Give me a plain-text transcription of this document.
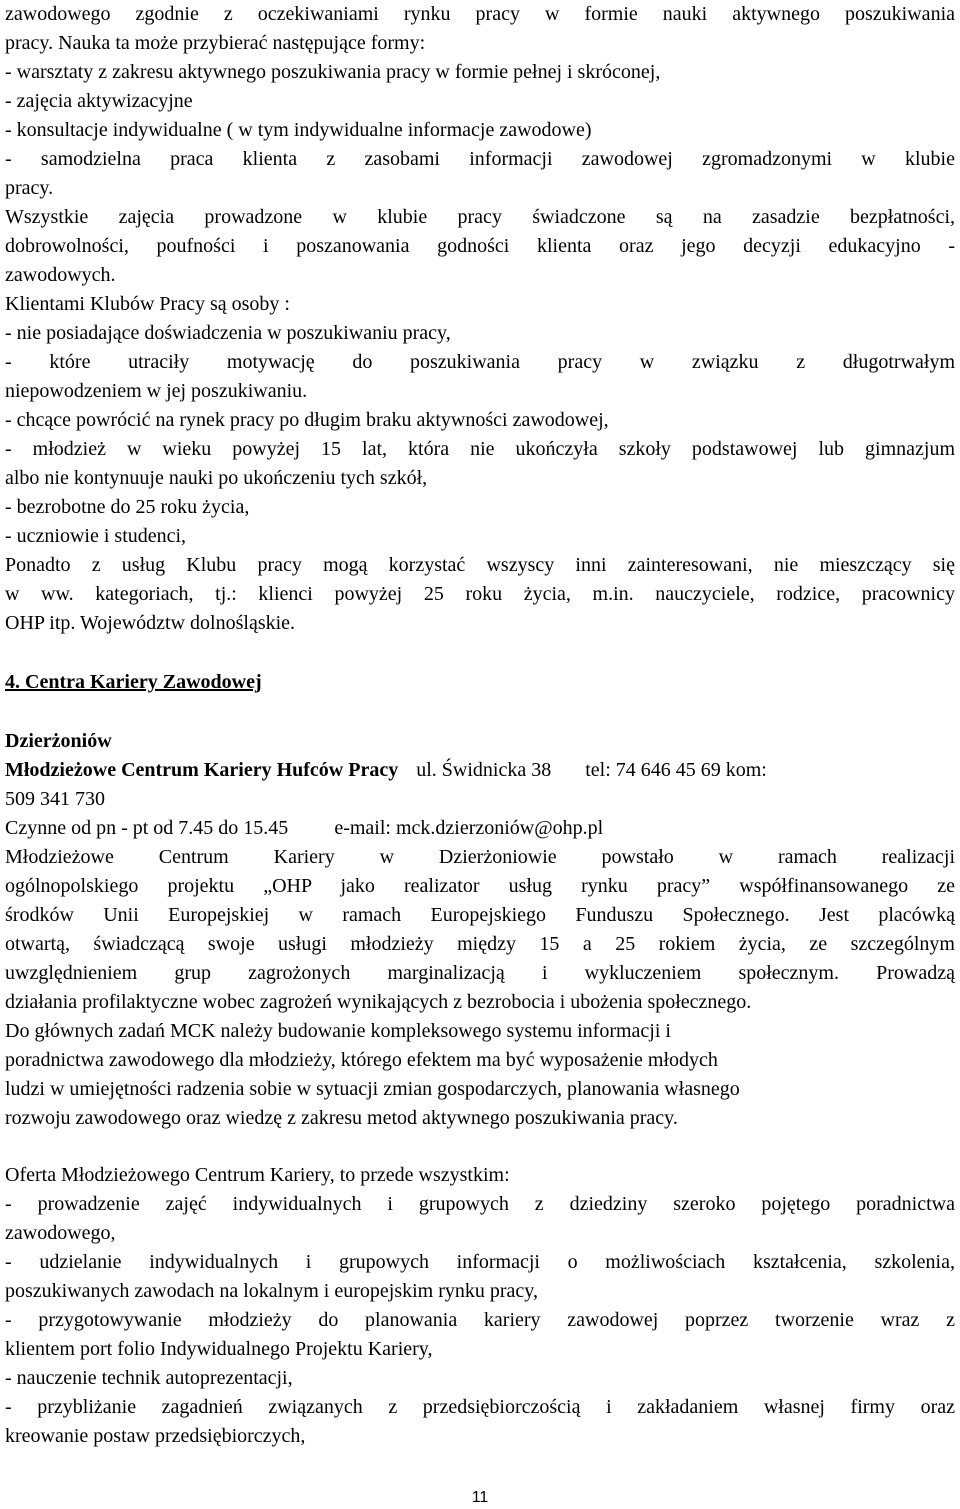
zawodowego zgodnie z oczekiwaniami rynku pracy w formie nauki aktywnego poszukiwania
pracy. Nauka ta może przybierać następujące formy:
- warsztaty z zakresu aktywnego poszukiwania pracy w formie pełnej i skróconej,
- zajęcia aktywizacyjne
- konsultacje indywidualne ( w tym indywidualne informacje zawodowe)
- samodzielna praca klienta z zasobami informacji zawodowej zgromadzonymi w klubie
pracy.
Wszystkie zajęcia prowadzone w klubie pracy świadczone są na zasadzie bezpłatności,
dobrowolności, poufności i poszanowania godności klienta oraz jego decyzji edukacyjno -
zawodowych.
Klientami Klubów Pracy są osoby :
- nie posiadające doświadczenia w poszukiwaniu pracy,
- które utraciły motywację do poszukiwania pracy w związku z długotrwałym
niepowodzeniem w jej poszukiwaniu.
- chcące powrócić na rynek pracy po długim braku aktywności zawodowej,
- młodzież w wieku powyżej 15 lat, która nie ukończyła szkoły podstawowej lub gimnazjum
albo nie kontynuuje nauki po ukończeniu tych szkół,
- bezrobotne do 25 roku życia,
- uczniowie i studenci,
Ponadto z usług Klubu pracy mogą korzystać wszyscy inni zainteresowani, nie mieszczący się
w ww. kategoriach, tj.: klienci powyżej 25 roku życia, m.in. nauczyciele, rodzice, pracownicy
OHP itp. Województw dolnośląskie.
4. Centra Kariery Zawodowej
Dzierżoniów
Młodzieżowe Centrum Kariery Hufców Pracy ul. Świdnicka 38 tel: 74 646 45 69 kom:
509 341 730
Czynne od pn - pt od 7.45 do 15.45 e-mail: mck.dzierzoniów@ohp.pl
Młodzieżowe Centrum Kariery w Dzierżoniowie powstało w ramach realizacji
ogólnopolskiego projektu „OHP jako realizator usług rynku pracy” współfinansowanego ze
środków Unii Europejskiej w ramach Europejskiego Funduszu Społecznego. Jest placówką
otwartą, świadczącą swoje usługi młodzieży między 15 a 25 rokiem życia, ze szczególnym
uwzględnieniem grup zagrożonych marginalizacją i wykluczeniem społecznym. Prowadzą
działania profilaktyczne wobec zagrożeń wynikających z bezrobocia i ubożenia społecznego.
Do głównych zadań MCK należy budowanie kompleksowego systemu informacji i
poradnictwa zawodowego dla młodzieży, którego efektem ma być wyposażenie młodych
ludzi w umiejętności radzenia sobie w sytuacji zmian gospodarczych, planowania własnego
rozwoju zawodowego oraz wiedzę z zakresu metod aktywnego poszukiwania pracy.
Oferta Młodzieżowego Centrum Kariery, to przede wszystkim:
- prowadzenie zajęć indywidualnych i grupowych z dziedziny szeroko pojętego poradnictwa
zawodowego,
- udzielanie indywidualnych i grupowych informacji o możliwościach kształcenia, szkolenia,
poszukiwanych zawodach na lokalnym i europejskim rynku pracy,
- przygotowywanie młodzieży do planowania kariery zawodowej poprzez tworzenie wraz z
klientem port folio Indywidualnego Projektu Kariery,
- nauczenie technik autoprezentacji,
- przybliżanie zagadnień związanych z przedsiębiorczością i zakładaniem własnej firmy oraz
kreowanie postaw przedsiębiorczych,
11
